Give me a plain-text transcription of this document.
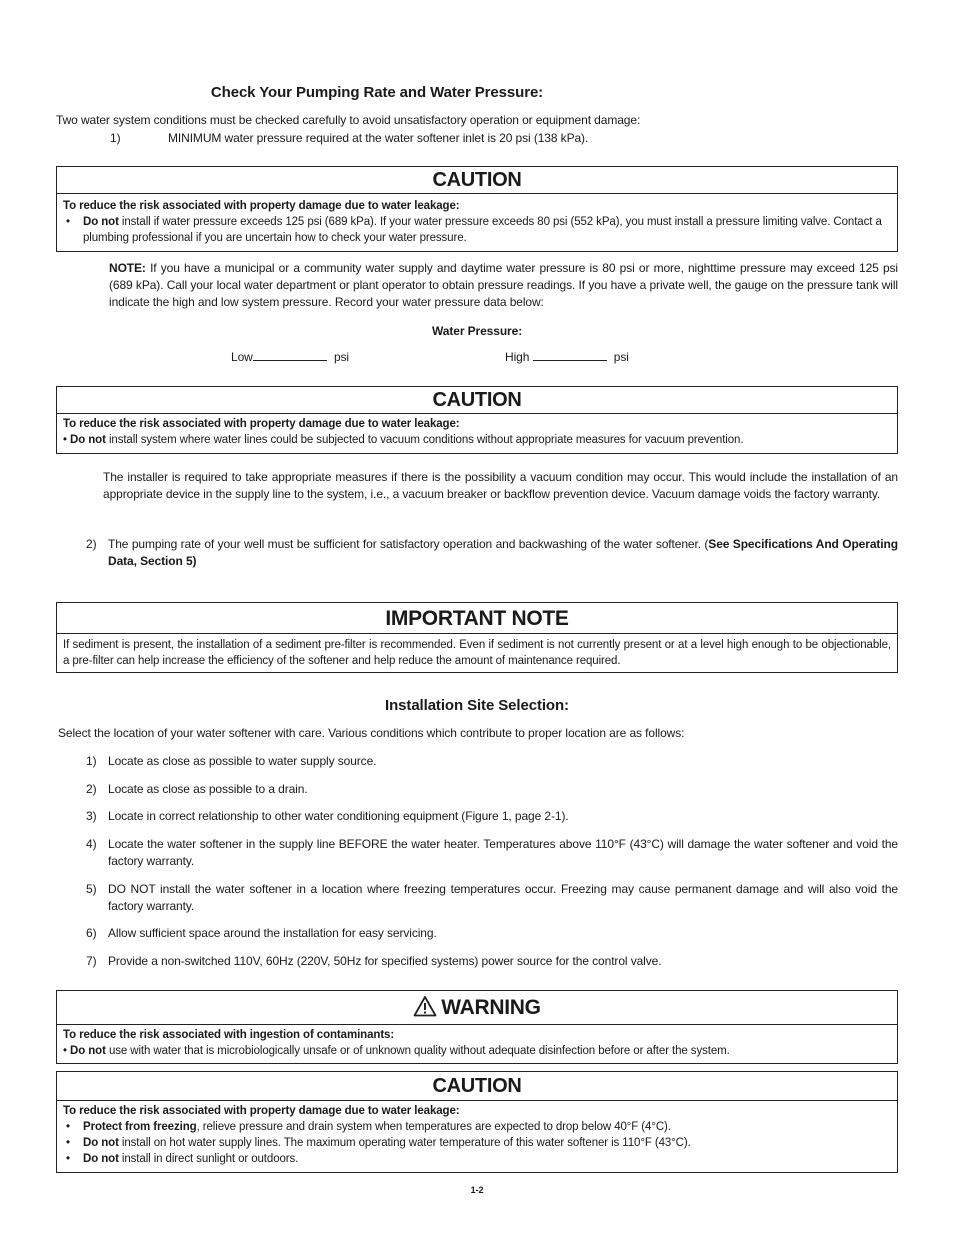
Check Your Pumping Rate and Water Pressure:
Two water system conditions must be checked carefully to avoid unsatisfactory operation or equipment damage:
1)	MINIMUM water pressure required at the water softener inlet is 20 psi (138 kPa).
CAUTION
To reduce the risk associated with property damage due to water leakage:
•	Do not install if water pressure exceeds 125 psi (689 kPa). If your water pressure exceeds 80 psi (552 kPa), you must install a pressure limiting valve. Contact a plumbing professional if you are uncertain how to check your water pressure.
NOTE: If you have a municipal or a community water supply and daytime water pressure is 80 psi or more, nighttime pressure may exceed 125 psi (689 kPa). Call your local water department or plant operator to obtain pressure readings. If you have a private well, the gauge on the pressure tank will indicate the high and low system pressure. Record your water pressure data below:
Water Pressure:
Low	psi	High	psi
CAUTION
To reduce the risk associated with property damage due to water leakage:
• Do not install system where water lines could be subjected to vacuum conditions without appropriate measures for vacuum prevention.
The installer is required to take appropriate measures if there is the possibility a vacuum condition may occur. This would include the installation of an appropriate device in the supply line to the system, i.e., a vacuum breaker or backflow prevention device. Vacuum damage voids the factory warranty.
2) The pumping rate of your well must be sufficient for satisfactory operation and backwashing of the water softener. (See Specifications And Operating Data, Section 5)
IMPORTANT NOTE
If sediment is present, the installation of a sediment pre-filter is recommended. Even if sediment is not currently present or at a level high enough to be objectionable, a pre-filter can help increase the efficiency of the softener and help reduce the amount of maintenance required.
Installation Site Selection:
Select the location of your water softener with care. Various conditions which contribute to proper location are as follows:
1) Locate as close as possible to water supply source.
2) Locate as close as possible to a drain.
3) Locate in correct relationship to other water conditioning equipment (Figure 1, page 2-1).
4) Locate the water softener in the supply line BEFORE the water heater. Temperatures above 110°F (43°C) will damage the water softener and void the factory warranty.
5) DO NOT install the water softener in a location where freezing temperatures occur. Freezing may cause permanent damage and will also void the factory warranty.
6) Allow sufficient space around the installation for easy servicing.
7) Provide a non-switched 110V, 60Hz (220V, 50Hz for specified systems) power source for the control valve.
WARNING
To reduce the risk associated with ingestion of contaminants:
• Do not use with water that is microbiologically unsafe or of unknown quality without adequate disinfection before or after the system.
CAUTION
To reduce the risk associated with property damage due to water leakage:
•	Protect from freezing, relieve pressure and drain system when temperatures are expected to drop below 40°F (4°C).
•	Do not install on hot water supply lines. The maximum operating water temperature of this water softener is 110°F (43°C).
•	Do not install in direct sunlight or outdoors.
1-2
